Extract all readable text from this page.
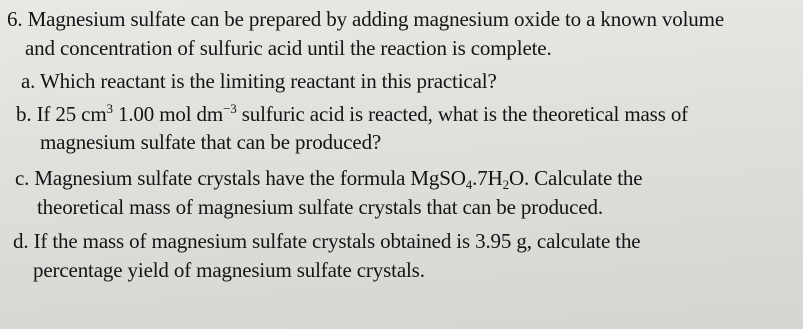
6. Magnesium sulfate can be prepared by adding magnesium oxide to a known volume
and concentration of sulfuric acid until the reaction is complete.
a. Which reactant is the limiting reactant in this practical?
b. If 25 $cm^3$ 1.00 mol $dm^{-3}$ sulfuric acid is reacted, what is the theoretical mass of
magnesium sulfate that can be produced?
c. Magnesium sulfate crystals have the formula $MgSO_4.7H_2O$. Calculate the
theoretical mass of magnesium sulfate crystals that can be produced.
d. If the mass of magnesium sulfate crystals obtained is 3.95 g, calculate the
percentage yield of magnesium sulfate crystals.
